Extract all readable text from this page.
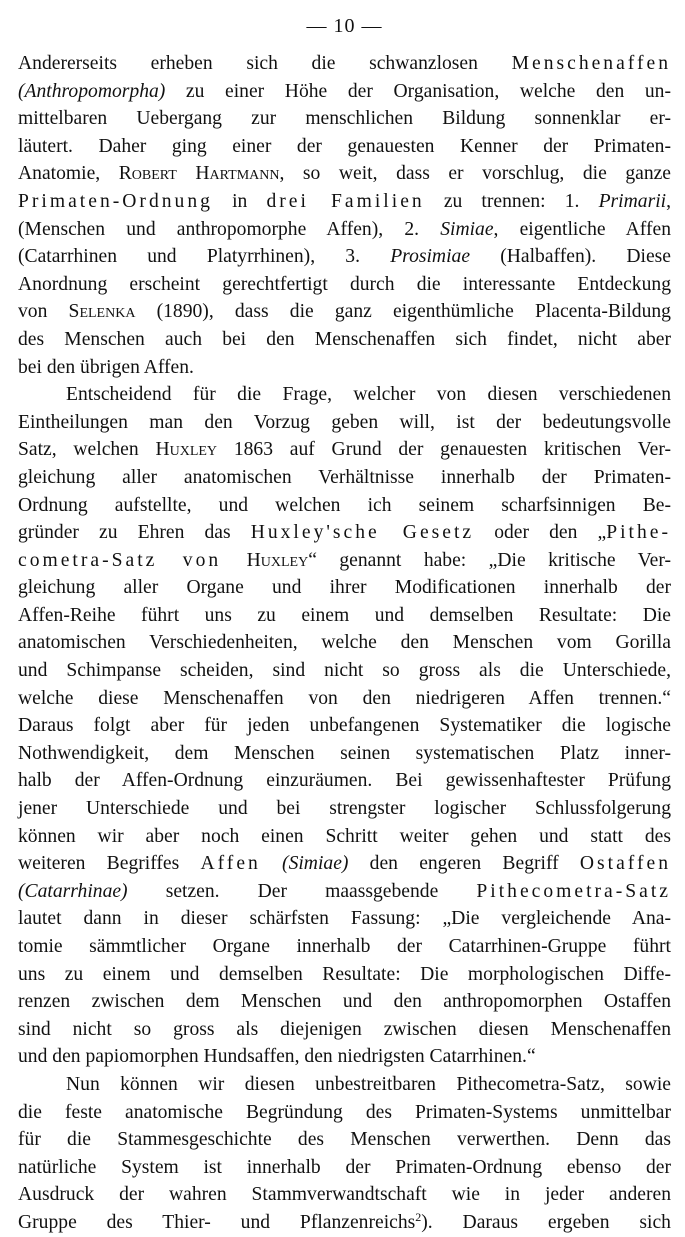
— 10 —
Andererseits erheben sich die schwanzlosen Menschenaffen
(Anthropomorpha) zu einer Höhe der Organisation, welche den un-
mittelbaren Uebergang zur menschlichen Bildung sonnenklar er-
läutert. Daher ging einer der genauesten Kenner der Primaten-
Anatomie, Robert Hartmann, so weit, dass er vorschlug, die ganze
Primaten-Ordnung in drei Familien zu trennen: 1. Primarii,
(Menschen und anthropomorphe Affen), 2. Simiae, eigentliche Affen
(Catarrhinen und Platyrrhinen), 3. Prosimiae (Halbaffen). Diese
Anordnung erscheint gerechtfertigt durch die interessante Entdeckung
von Selenka (1890), dass die ganz eigenthümliche Placenta-Bildung
des Menschen auch bei den Menschenaffen sich findet, nicht aber
bei den übrigen Affen.
Entscheidend für die Frage, welcher von diesen verschiedenen
Eintheilungen man den Vorzug geben will, ist der bedeutungsvolle
Satz, welchen Huxley 1863 auf Grund der genauesten kritischen Ver-
gleichung aller anatomischen Verhältnisse innerhalb der Primaten-
Ordnung aufstellte, und welchen ich seinem scharfsinnigen Be-
gründer zu Ehren das Huxley'sche Gesetz oder den „Pithe-
cometra-Satz von Huxley“ genannt habe: „Die kritische Ver-
gleichung aller Organe und ihrer Modificationen innerhalb der
Affen-Reihe führt uns zu einem und demselben Resultate: Die
anatomischen Verschiedenheiten, welche den Menschen vom Gorilla
und Schimpanse scheiden, sind nicht so gross als die Unterschiede,
welche diese Menschenaffen von den niedrigeren Affen trennen.“
Daraus folgt aber für jeden unbefangenen Systematiker die logische
Nothwendigkeit, dem Menschen seinen systematischen Platz inner-
halb der Affen-Ordnung einzuräumen. Bei gewissenhaftester Prüfung
jener Unterschiede und bei strengster logischer Schlussfolgerung
können wir aber noch einen Schritt weiter gehen und statt des
weiteren Begriffes Affen (Simiae) den engeren Begriff Ostaffen
(Catarrhinae) setzen. Der maassgebende Pithecometra-Satz
lautet dann in dieser schärfsten Fassung: „Die vergleichende Ana-
tomie sämmtlicher Organe innerhalb der Catarrhinen-Gruppe führt
uns zu einem und demselben Resultate: Die morphologischen Diffe-
renzen zwischen dem Menschen und den anthropomorphen Ostaffen
sind nicht so gross als diejenigen zwischen diesen Menschenaffen
und den papiomorphen Hundsaffen, den niedrigsten Catarrhinen.“
Nun können wir diesen unbestreitbaren Pithecometra-Satz, sowie
die feste anatomische Begründung des Primaten-Systems unmittelbar
für die Stammesgeschichte des Menschen verwerthen. Denn das
natürliche System ist innerhalb der Primaten-Ordnung ebenso der
Ausdruck der wahren Stammverwandtschaft wie in jeder anderen
Gruppe des Thier- und Pflanzenreichs$^2$). Daraus ergeben sich
